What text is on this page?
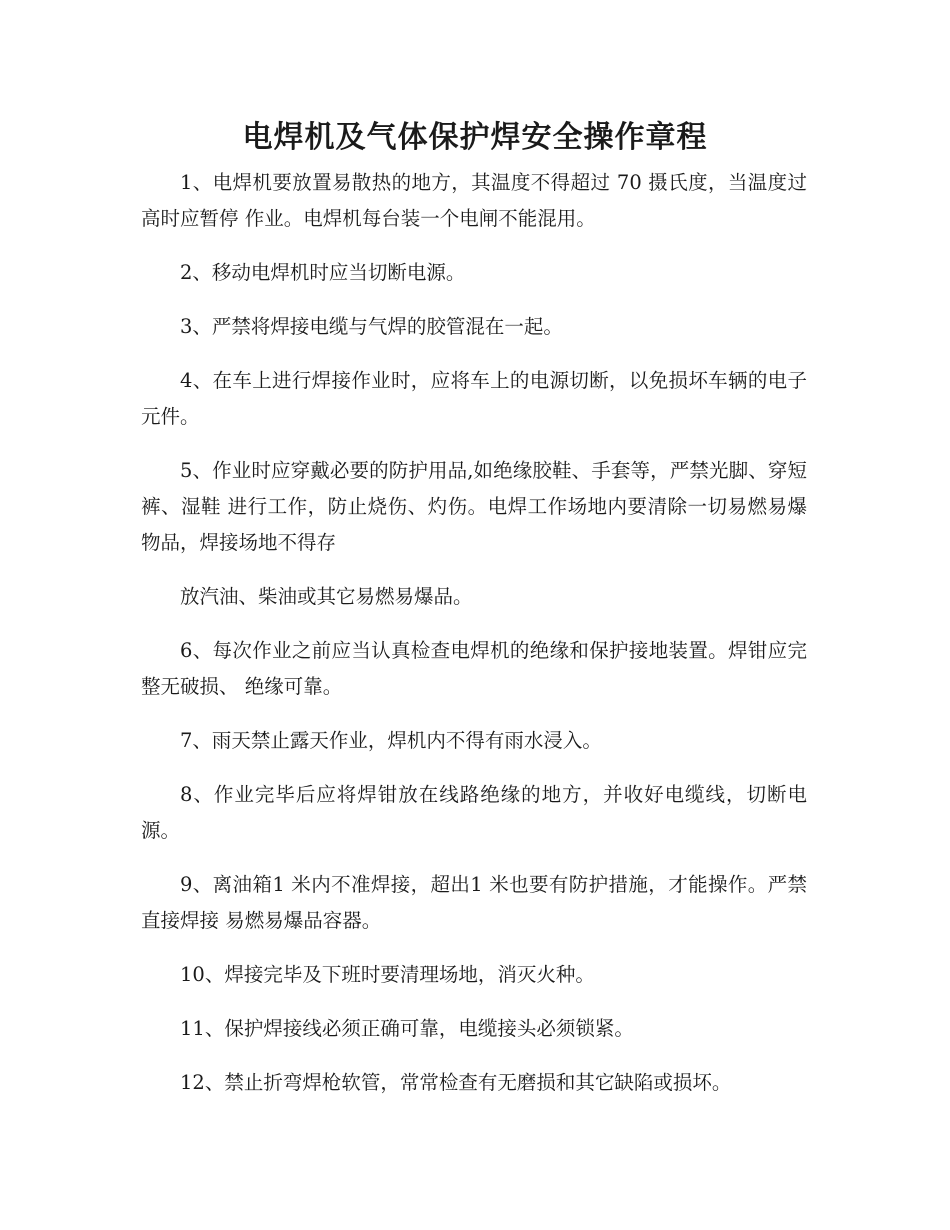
电焊机及气体保护焊安全操作章程

1、电焊机要放置易散热的地方，其温度不得超过 70 摄氏度，当温度过高时应暂停 作业。电焊机每台装一个电闸不能混用。

2、移动电焊机时应当切断电源。

3、严禁将焊接电缆与气焊的胶管混在一起。

4、在车上进行焊接作业时，应将车上的电源切断，以免损坏车辆的电子元件。

5、作业时应穿戴必要的防护用品,如绝缘胶鞋、手套等，严禁光脚、穿短裤、湿鞋 进行工作，防止烧伤、灼伤。电焊工作场地内要清除一切易燃易爆物品，焊接场地不得存

放汽油、柴油或其它易燃易爆品。

6、每次作业之前应当认真检查电焊机的绝缘和保护接地装置。焊钳应完整无破损、 绝缘可靠。

7、雨天禁止露天作业，焊机内不得有雨水浸入。

8、作业完毕后应将焊钳放在线路绝缘的地方，并收好电缆线，切断电源。

9、离油箱1 米内不准焊接，超出1 米也要有防护措施，才能操作。严禁直接焊接 易燃易爆品容器。

10、焊接完毕及下班时要清理场地，消灭火种。

11、保护焊接线必须正确可靠，电缆接头必须锁紧。

12、禁止折弯焊枪软管，常常检查有无磨损和其它缺陷或损坏。
